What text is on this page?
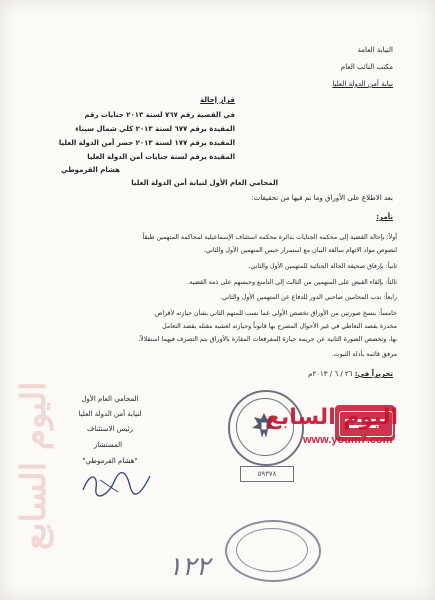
النيابة العامة
مكتب النائب العام
نيابة أمن الدولة العليا
قرار إحالة
في القضية رقم ٧٦٧ لسنة ٢٠١٣ جنايات رقم
المقيدة برقم ٦٧٧ لسنة ٢٠١٣ كلي شمال سيناء
المقيدة برقم ١٧٧ لسنة ٢٠١٣ حصر أمن الدولة العليا
المقيدة برقم لسنة جنايات أمن الدولة العليا
هشام القرموطي
المحامي العام الأول لنيابة أمن الدولة العليا
بعد الاطلاع على الأوراق وما تم فيها من تحقيقات:
نأمر:
أولاً: بإحالة القضية إلى محكمة الجنايات بدائرة محكمة استئناف الإسماعيلية لمحاكمة المتهمين طبقاً
لنصوص مواد الاتهام سالفة البيان مع استمرار حبس المتهمين الأول والثاني.
ثانياً: بإرفاق صحيفة الحالة الجنائية للمتهمين الأول والثاني.
ثالثاً: بإلقاء القبض على المتهمين من الثالث إلى التاسع وحبسهم على ذمة القضية.
رابعاً: ندب المحامين صاحبي الدور للدفاع عن المتهمين الأول والثاني.
خامساً: بنسخ صورتين من الأوراق تخصص الأولى عما نسب للمتهم الثاني بشأن حيازته لأقراص
مخدرة بقصد التعاطي في غير الأحوال المصرح بها قانوناً وحيازته لعشبة مقتله بقصد التعامل
بها، وتخصص الصورة الثانية عن جريمة حيازة المفرقعات المقارة بالأوراق بتم التصرف فيهما استقلالاً.
مرفق قائمة بأدلة الثبوت.
تحريراً في: ٢٦ / ٦ / ٢٠١٣م
المحامي العام الأول
لنيابة أمن الدولة العليا
رئيس الاستئناف
المستشار
"هشام القرموطي"
٥٩٣٧٨
اليوم السابع
www.youm7.com
اليوم السابع
١٢٢
